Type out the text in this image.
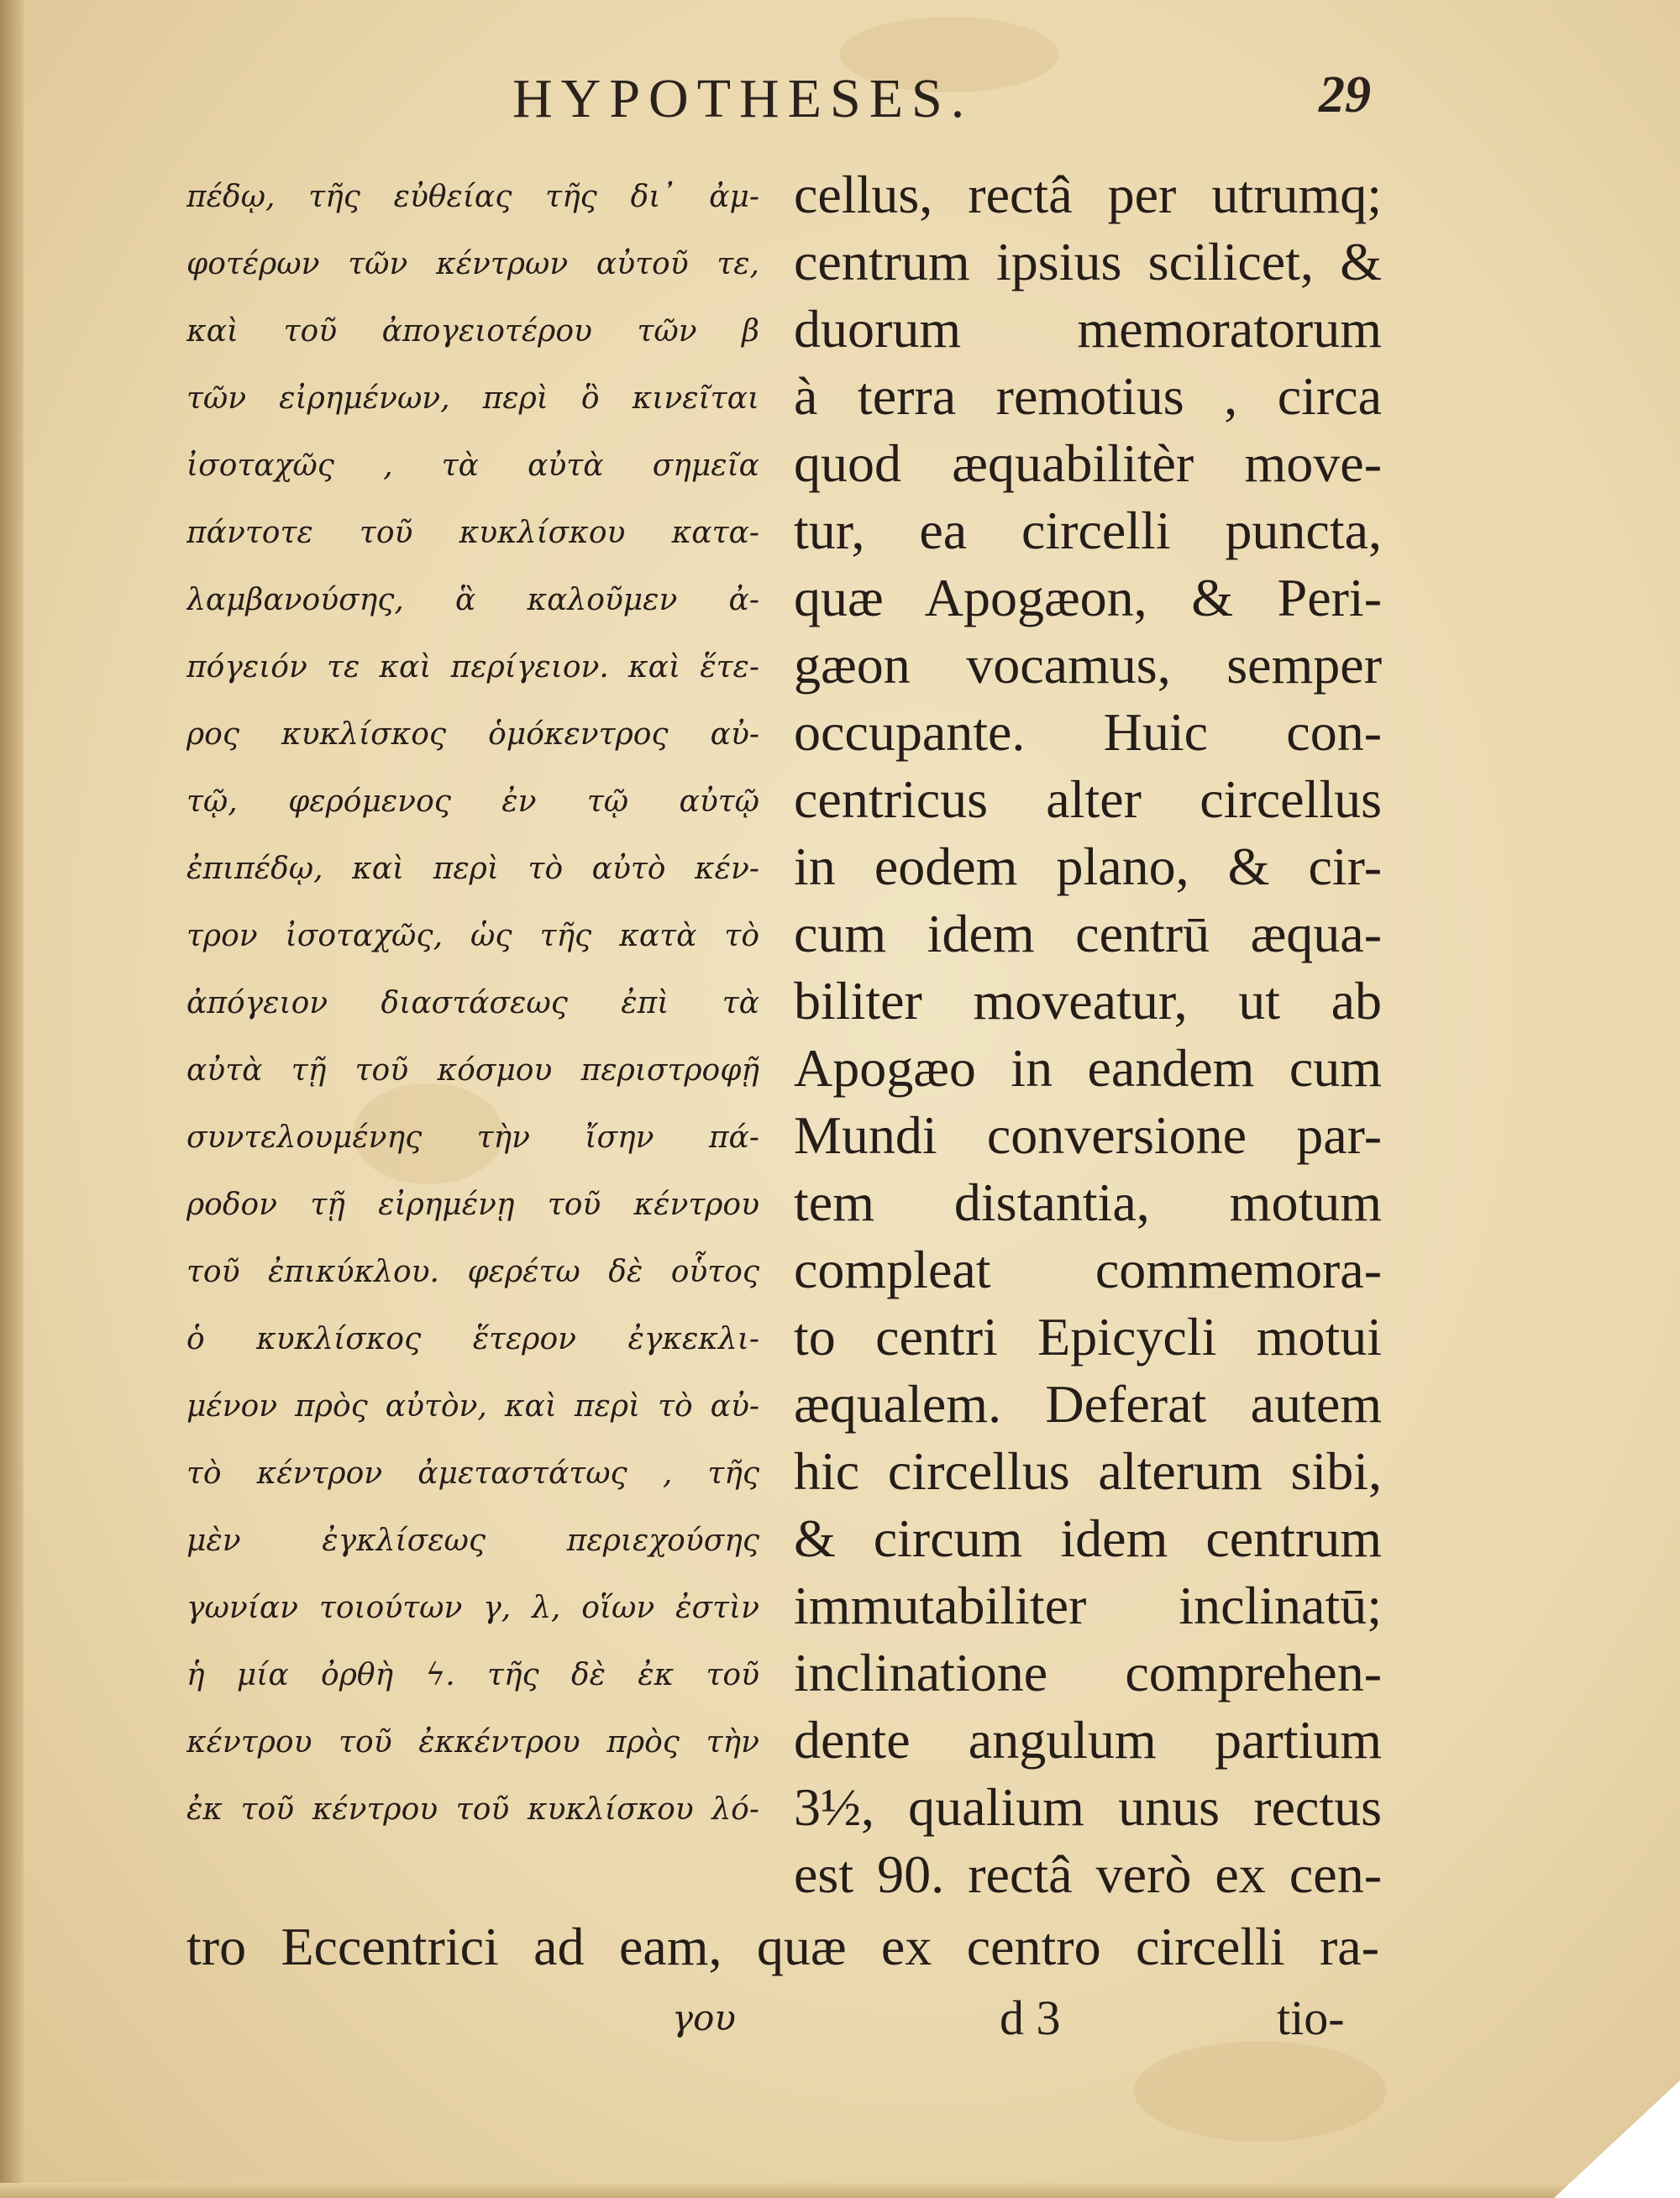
HYPOTHESES.	29
πέδῳ, τῆς εὐθείας τῆς δι᾽ ἀμ-
φοτέρων τῶν κέντρων αὐτοῦ τε,
καὶ τοῦ ἀπογειοτέρου τῶν β
τῶν εἰρημένων, περὶ ὃ κινεῖται
ἰσοταχῶς , τὰ αὐτὰ σημεῖα
πάντοτε τοῦ κυκλίσκου κατα-
λαμβανούσης, ἃ καλοῦμεν ἀ-
πόγειόν τε καὶ περίγειον. καὶ ἕτε-
ρος κυκλίσκος ὁμόκεντρος αὐ-
τῷ, φερόμενος ἐν τῷ αὐτῷ
ἐπιπέδῳ, καὶ περὶ τὸ αὐτὸ κέν-
τρον ἰσοταχῶς, ὡς τῆς κατὰ τὸ
ἀπόγειον διαστάσεως ἐπὶ τὰ
αὐτὰ τῇ τοῦ κόσμου περιστροφῇ
συντελουμένης τὴν ἴσην πά-
ροδον τῇ εἰρημένῃ τοῦ κέντρου
τοῦ ἐπικύκλου. φερέτω δὲ οὗτος
ὁ κυκλίσκος ἕτερον ἐγκεκλι-
μένον πρὸς αὐτὸν, καὶ περὶ τὸ αὐ-
τὸ κέντρον ἀμεταστάτως , τῆς
μὲν ἐγκλίσεως περιεχούσης
γωνίαν τοιούτων γ, λ, οἵων ἐστὶν
ἡ μία ὀρθὴ ϟ. τῆς δὲ ἐκ τοῦ
κέντρου τοῦ ἐκκέντρου πρὸς τὴν
ἐκ τοῦ κέντρου τοῦ κυκλίσκου λό-
cellus, rectâ per utrumq;
centrum ipsius scilicet, &
duorum memoratorum
à terra remotius , circa
quod æquabilitèr move-
tur, ea circelli puncta,
quæ Apogæon, & Peri-
gæon vocamus, semper
occupante. Huic con-
centricus alter circellus
in eodem plano, & cir-
cum idem centrū æqua-
biliter moveatur, ut ab
Apogæo in eandem cum
Mundi conversione par-
tem distantia, motum
compleat commemora-
to centri Epicycli motui
æqualem. Deferat autem
hic circellus alterum sibi,
& circum idem centrum
immutabiliter inclinatū;
inclinatione comprehen-
dente angulum partium
3½, qualium unus rectus
est 90. rectâ verò ex cen-
tro Eccentrici ad eam, quæ ex centro circelli ra-
γου	d 3	tio-
